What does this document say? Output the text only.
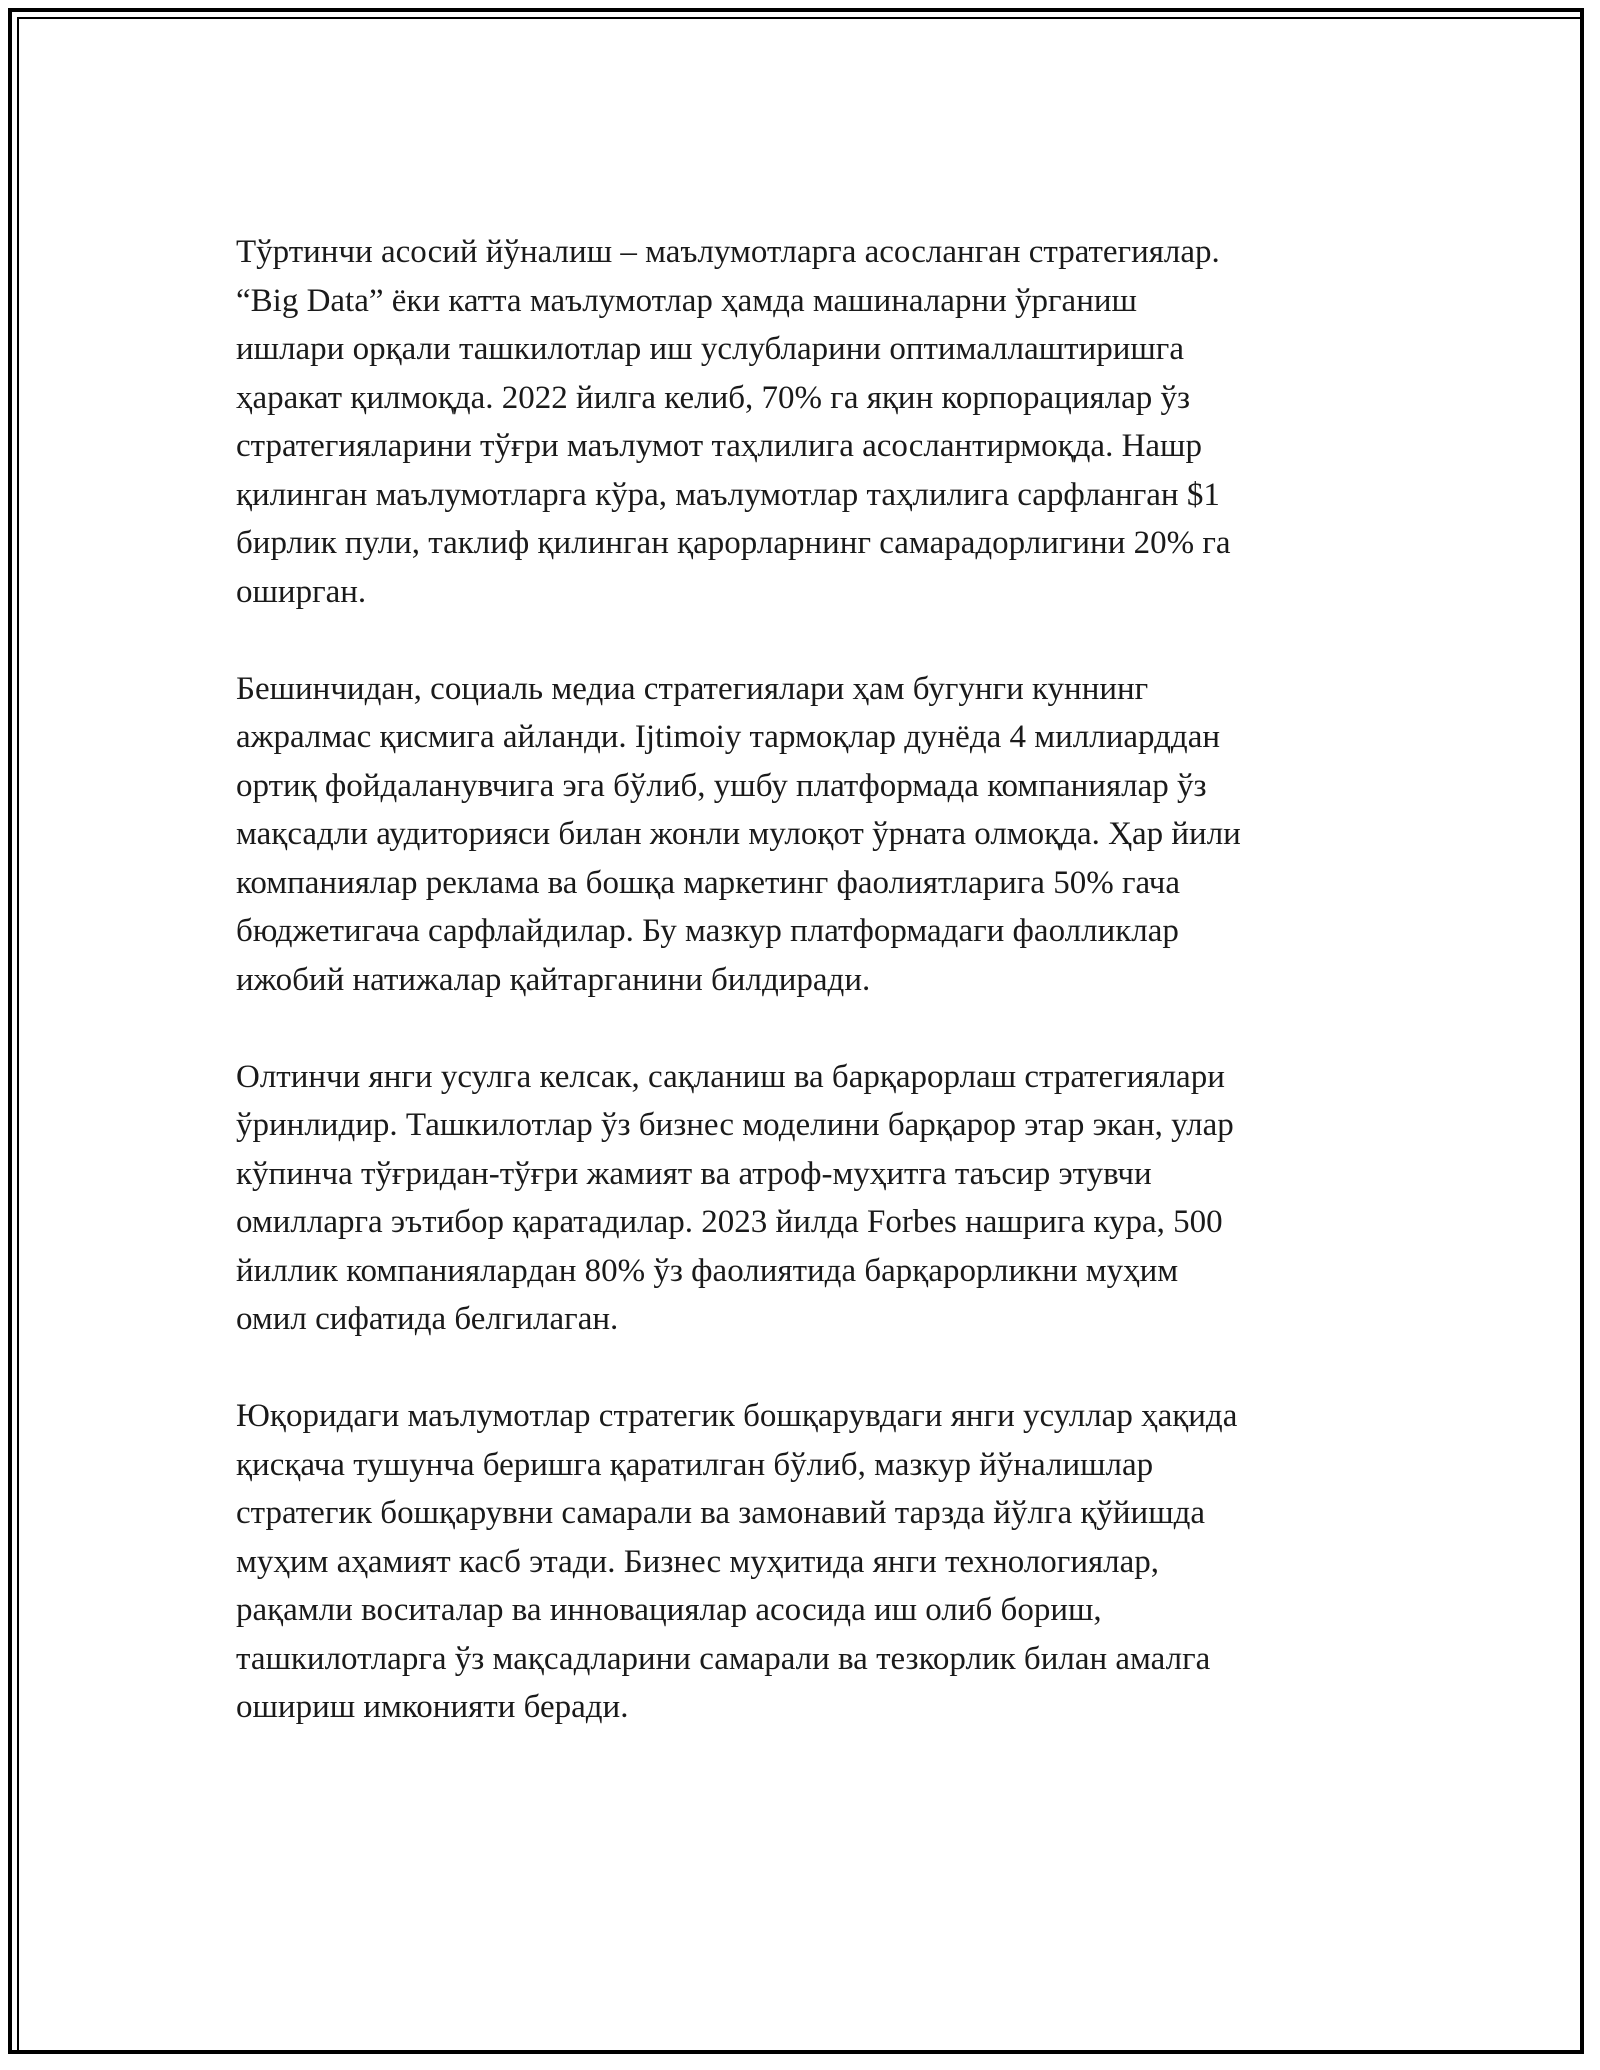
Тўртинчи асосий йўналиш – маълумотларга асосланган стратегиялар.
“Big Data” ёки катта маълумотлар ҳамда машиналарни ўрганиш
ишлари орқали ташкилотлар иш услубларини оптималлаштиришга
ҳаракат қилмоқда. 2022 йилга келиб, 70% га яқин корпорациялар ўз
стратегияларини тўғри маълумот таҳлилига асослантирмоқда. Нашр
қилинган маълумотларга кўра, маълумотлар таҳлилига сарфланган $1
бирлик пули, таклиф қилинган қарорларнинг самарадорлигини 20% га
оширган.

Бешинчидан, социаль медиа стратегиялари ҳам бугунги куннинг
ажралмас қисмига айланди. Ijtimoiy тармоқлар дунёда 4 миллиарддан
ортиқ фойдаланувчига эга бўлиб, ушбу платформада компаниялар ўз
мақсадли аудиторияси билан жонли мулоқот ўрната олмоқда. Ҳар йили
компаниялар реклама ва бошқа маркетинг фаолиятларига 50% гача
бюджетигача сарфлайдилар. Бу мазкур платформадаги фаолликлар
ижобий натижалар қайтарганини билдиради.

Олтинчи янги усулга келсак, сақланиш ва барқарорлаш стратегиялари
ўринлидир. Ташкилотлар ўз бизнес моделини барқарор этар экан, улар
кўпинча тўғридан-тўғри жамият ва атроф-муҳитга таъсир этувчи
омилларга эътибор қаратадилар. 2023 йилда Forbes нашрига кура, 500
йиллик компаниялардан 80% ўз фаолиятида барқарорликни муҳим
омил сифатида белгилаган.

Юқоридаги маълумотлар стратегик бошқарувдаги янги усуллар ҳақида
қисқача тушунча беришга қаратилган бўлиб, мазкур йўналишлар
стратегик бошқарувни самарали ва замонавий тарзда йўлга қўйишда
муҳим аҳамият касб этади. Бизнес муҳитида янги технологиялар,
рақамли воситалар ва инновациялар асосида иш олиб бориш,
ташкилотларга ўз мақсадларини самарали ва тезкорлик билан амалга
ошириш имконияти беради.
